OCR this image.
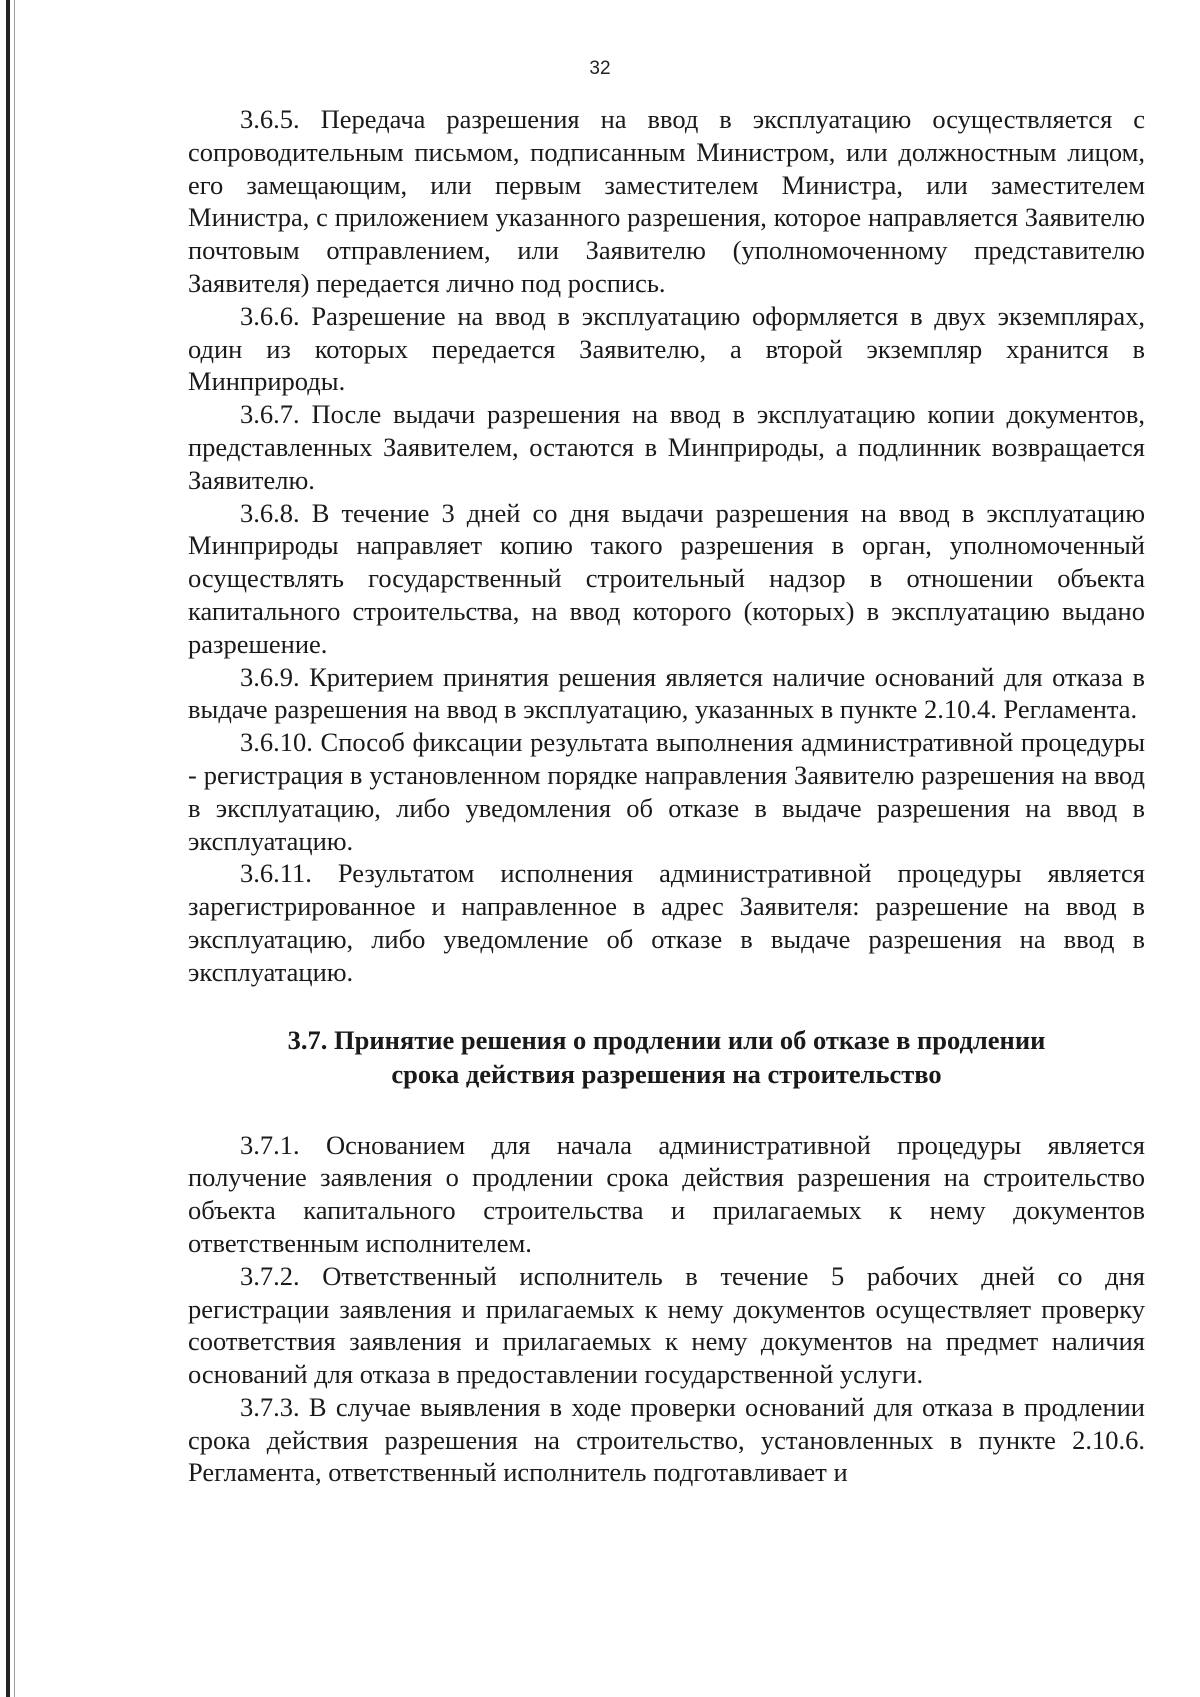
32

3.6.5. Передача разрешения на ввод в эксплуатацию осуществляется с сопроводительным письмом, подписанным Министром, или должностным лицом, его замещающим, или первым заместителем Министра, или заместителем Министра, с приложением указанного разрешения, которое направляется Заявителю почтовым отправлением, или Заявителю (уполномоченному представителю Заявителя) передается лично под роспись.

3.6.6. Разрешение на ввод в эксплуатацию оформляется в двух экземплярах, один из которых передается Заявителю, а второй экземпляр хранится в Минприроды.

3.6.7. После выдачи разрешения на ввод в эксплуатацию копии документов, представленных Заявителем, остаются в Минприроды, а подлинник возвращается Заявителю.

3.6.8. В течение 3 дней со дня выдачи разрешения на ввод в эксплуатацию Минприроды направляет копию такого разрешения в орган, уполномоченный осуществлять государственный строительный надзор в отношении объекта капитального строительства, на ввод которого (которых) в эксплуатацию выдано разрешение.

3.6.9. Критерием принятия решения является наличие оснований для отказа в выдаче разрешения на ввод в эксплуатацию, указанных в пункте 2.10.4. Регламента.

3.6.10. Способ фиксации результата выполнения административной процедуры - регистрация в установленном порядке направления Заявителю разрешения на ввод в эксплуатацию, либо уведомления об отказе в выдаче разрешения на ввод в эксплуатацию.

3.6.11. Результатом исполнения административной процедуры является зарегистрированное и направленное в адрес Заявителя: разрешение на ввод в эксплуатацию, либо уведомление об отказе в выдаче разрешения на ввод в эксплуатацию.

3.7. Принятие решения о продлении или об отказе в продлении

срока действия разрешения на строительство

3.7.1. Основанием для начала административной процедуры является получение заявления о продлении срока действия разрешения на строительство объекта капитального строительства и прилагаемых к нему документов ответственным исполнителем.

3.7.2. Ответственный исполнитель в течение 5 рабочих дней со дня регистрации заявления и прилагаемых к нему документов осуществляет проверку соответствия заявления и прилагаемых к нему документов на предмет наличия оснований для отказа в предоставлении государственной услуги.

3.7.3. В случае выявления в ходе проверки оснований для отказа в продлении срока действия разрешения на строительство, установленных в пункте 2.10.6. Регламента, ответственный исполнитель подготавливает и
